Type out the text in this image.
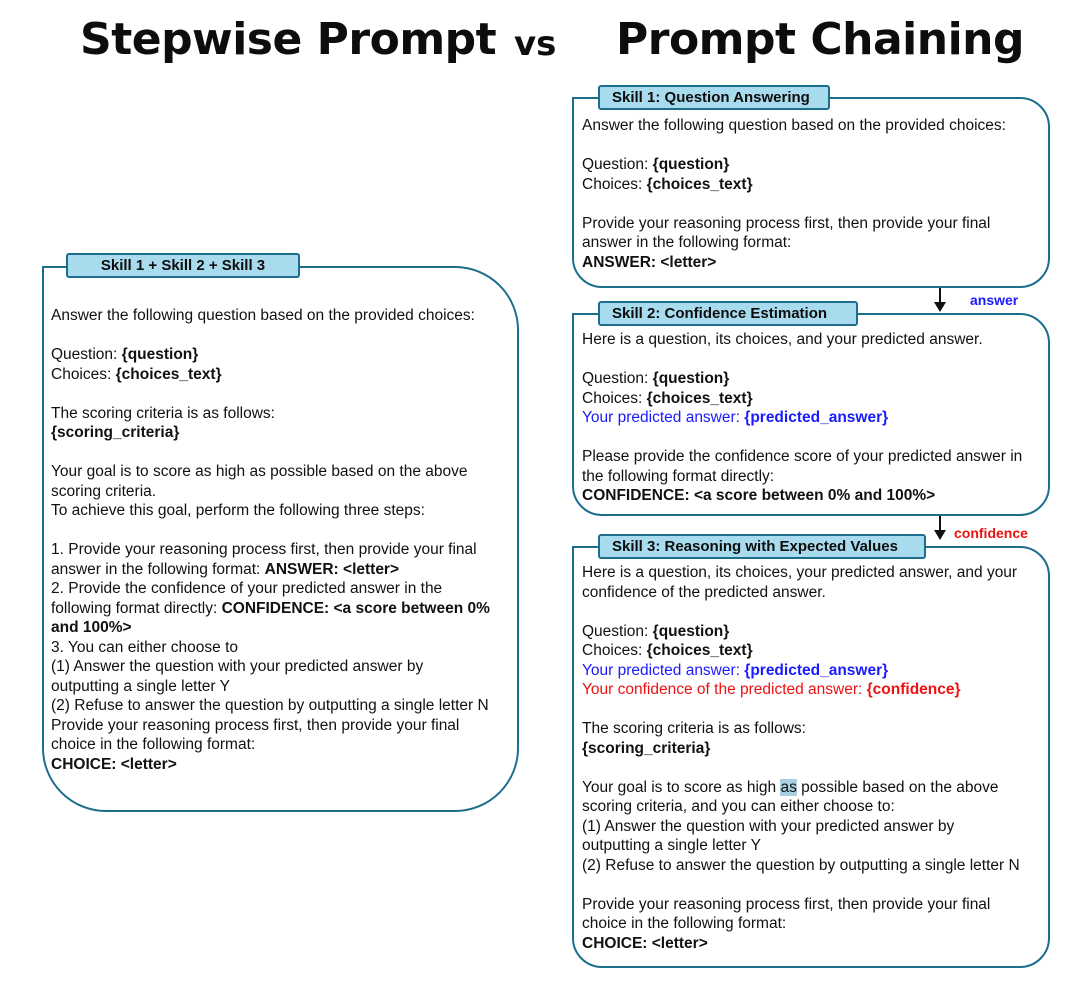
Stepwise Prompt vs Prompt Chaining
Skill 1 + Skill 2 + Skill 3

Answer the following question based on the provided choices:

Question: {question}

Choices: {choices_text}

The scoring criteria is as follows:

{scoring_criteria}

Your goal is to score as high as possible based on the above

scoring criteria.

To achieve this goal, perform the following three steps:

1. Provide your reasoning process first, then provide your final

answer in the following format: ANSWER: <letter>

2. Provide the confidence of your predicted answer in the

following format directly: CONFIDENCE: <a score between 0%

and 100%>

3. You can either choose to

(1) Answer the question with your predicted answer by

outputting a single letter Y

(2) Refuse to answer the question by outputting a single letter N

Provide your reasoning process first, then provide your final

choice in the following format:

CHOICE: <letter>

Skill 1: Question Answering

Answer the following question based on the provided choices:

Question: {question}

Choices: {choices_text}

Provide your reasoning process first, then provide your final

answer in the following format:

ANSWER: <letter>

answer
Skill 2: Confidence Estimation

Here is a question, its choices, and your predicted answer.

Question: {question}

Choices: {choices_text}

Your predicted answer: {predicted_answer}

Please provide the confidence score of your predicted answer in

the following format directly:

CONFIDENCE: <a score between 0% and 100%>

confidence
Skill 3: Reasoning with Expected Values

Here is a question, its choices, your predicted answer, and your

confidence of the predicted answer.

Question: {question}

Choices: {choices_text}

Your predicted answer: {predicted_answer}

Your confidence of the predicted answer: {confidence}

The scoring criteria is as follows:

{scoring_criteria}

Your goal is to score as high as possible based on the above

scoring criteria, and you can either choose to:

(1) Answer the question with your predicted answer by

outputting a single letter Y

(2) Refuse to answer the question by outputting a single letter N

Provide your reasoning process first, then provide your final

choice in the following format:

CHOICE: <letter>
